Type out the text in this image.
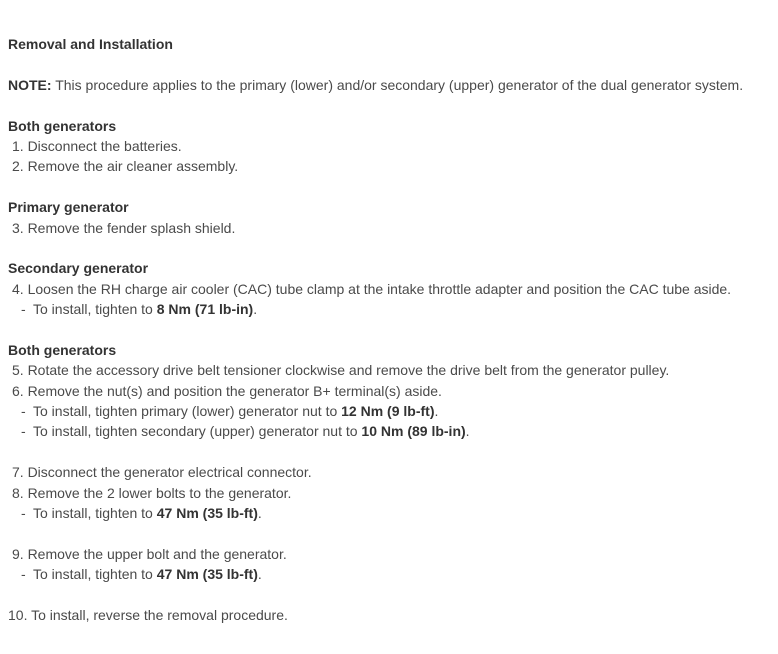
Removal and Installation
NOTE: This procedure applies to the primary (lower) and/or secondary (upper) generator of the dual generator system.
Both generators
1. Disconnect the batteries.
2. Remove the air cleaner assembly.
Primary generator
3. Remove the fender splash shield.
Secondary generator
4. Loosen the RH charge air cooler (CAC) tube clamp at the intake throttle adapter and position the CAC tube aside.
- To install, tighten to 8 Nm (71 lb-in).
Both generators
5. Rotate the accessory drive belt tensioner clockwise and remove the drive belt from the generator pulley.
6. Remove the nut(s) and position the generator B+ terminal(s) aside.
- To install, tighten primary (lower) generator nut to 12 Nm (9 lb-ft).
- To install, tighten secondary (upper) generator nut to 10 Nm (89 lb-in).
7. Disconnect the generator electrical connector.
8. Remove the 2 lower bolts to the generator.
- To install, tighten to 47 Nm (35 lb-ft).
9. Remove the upper bolt and the generator.
- To install, tighten to 47 Nm (35 lb-ft).
10. To install, reverse the removal procedure.
